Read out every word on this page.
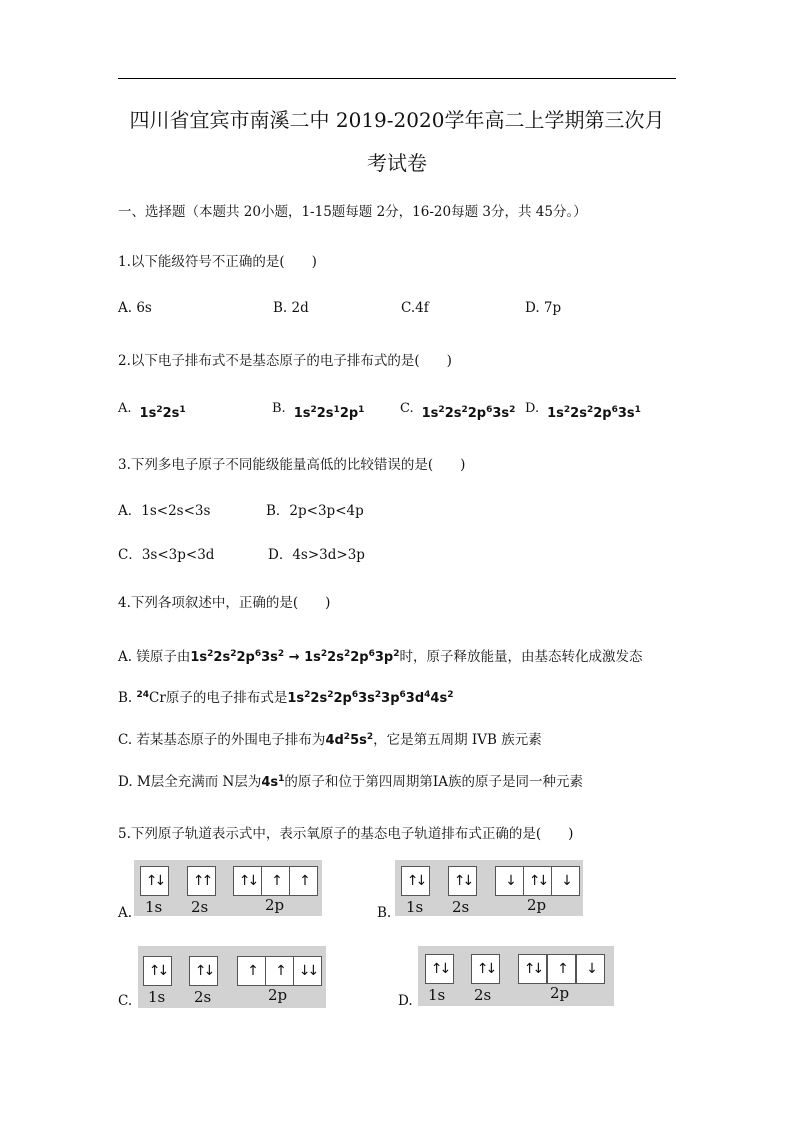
四川省宜宾市南溪二中 2019-2020学年高二上学期第三次月
考试卷
一、选择题（本题共 20小题，1-15题每题 2分，16-20每题 3分，共 45分。）
1.以下能级符号不正确的是(　　)
A. 6s	B. 2d	C.4f	D. 7p
2.以下电子排布式不是基态原子的电子排布式的是(　　)
A. $1s^22s^1$	B. $1s^22s^12p^1$	C. $1s^22s^22p^63s^2$ D. $1s^22s^22p^63s^1$
3.下列多电子原子不同能级能量高低的比较错误的是(　　)
A．1s<2s<3s	B．2p<3p<4p
C．3s<3p<3d	D．4s>3d>3p
4.下列各项叙述中，正确的是(　　)
A. 镁原子由$1s^22s^22p^63s^2 \to 1s^22s^22p^63p^2$时，原子释放能量，由基态转化成激发态
B. $^{24}$Cr原子的电子排布式是$1s^22s^22p^63s^23p^63d^44s^2$
C. 若某基态原子的外围电子排布为$4d^25s^2$，它是第五周期 IVB 族元素
D. M层全充满而 N层为$4s^1$的原子和位于第四周期第ⅠA族的原子是同一种元素
5.下列原子轨道表示式中，表示氧原子的基态电子轨道排布式正确的是(　　)
A.
↑↓	↑↑	↑↓	↑	↑
1s 2s	2p	B.
↑↓	↑↓	↓	↑↓	↓
1s 2s	2p
C.
↑↓	↑↓	↑	↑	↓↓
1s 2s	2p	D.
↑↓	↑↓	↑↓	↑	↓
1s 2s	2p
